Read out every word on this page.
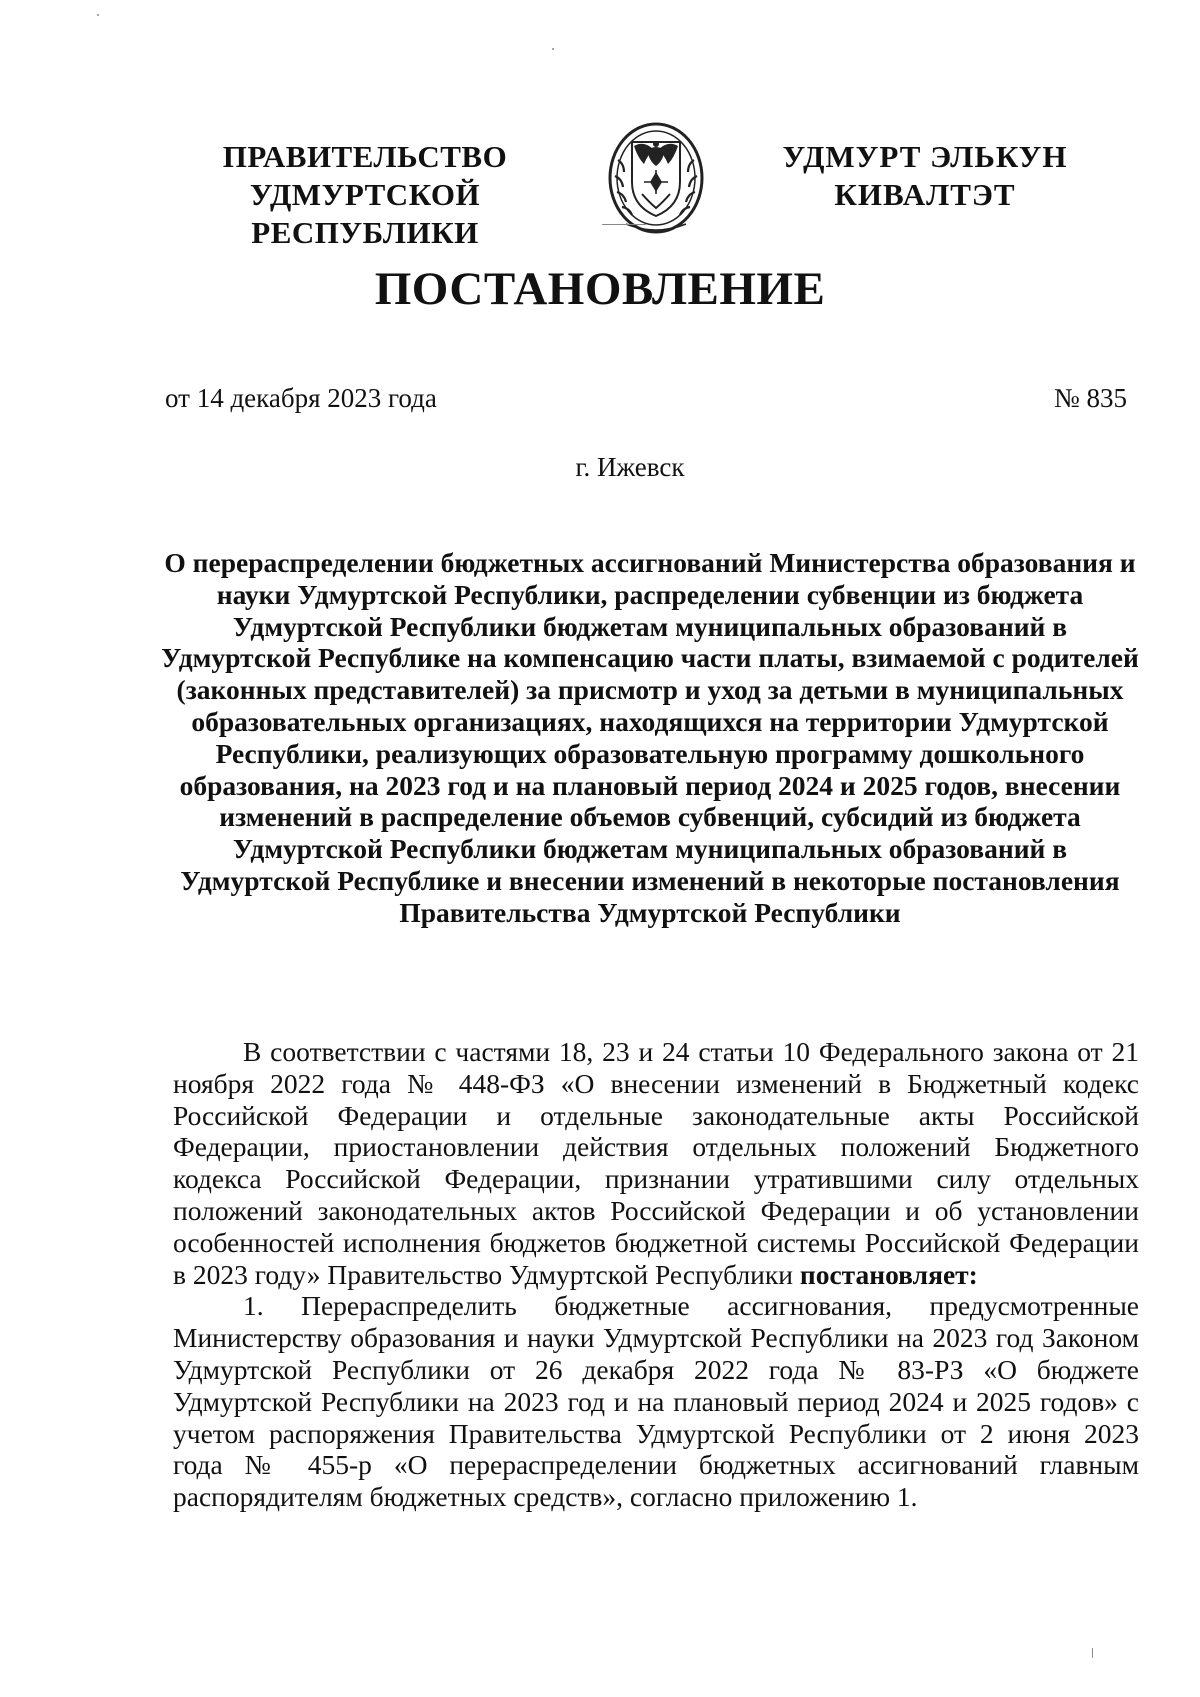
ПРАВИТЕЛЬСТВО
УДМУРТСКОЙ РЕСПУБЛИКИ
УДМУРТ ЭЛЬКУН
КИВАЛТЭТ
ПОСТАНОВЛЕНИЕ
от 14 декабря 2023 года	№ 835
г. Ижевск
О перераспределении бюджетных ассигнований Министерства образования и науки Удмуртской Республики, распределении субвенции из бюджета Удмуртской Республики бюджетам муниципальных образований в Удмуртской Республике на компенсацию части платы, взимаемой с родителей (законных представителей) за присмотр и уход за детьми в муниципальных образовательных организациях, находящихся на территории Удмуртской Республики, реализующих образовательную программу дошкольного образования, на 2023 год и на плановый период 2024 и 2025 годов, внесении изменений в распределение объемов субвенций, субсидий из бюджета Удмуртской Республики бюджетам муниципальных образований в Удмуртской Республике и внесении изменений в некоторые постановления Правительства Удмуртской Республики

В соответствии с частями 18, 23 и 24 статьи 10 Федерального закона от 21 ноября 2022 года № 448-ФЗ «О внесении изменений в Бюджетный кодекс Российской Федерации и отдельные законодательные акты Российской Федерации, приостановлении действия отдельных положений Бюджетного кодекса Российской Федерации, признании утратившими силу отдельных положений законодательных актов Российской Федерации и об установлении особенностей исполнения бюджетов бюджетной системы Российской Федерации в 2023 году» Правительство Удмуртской Республики постановляет:

1. Перераспределить бюджетные ассигнования, предусмотренные Министерству образования и науки Удмуртской Республики на 2023 год Законом Удмуртской Республики от 26 декабря 2022 года № 83-РЗ «О бюджете Удмуртской Республики на 2023 год и на плановый период 2024 и 2025 годов» с учетом распоряжения Правительства Удмуртской Республики от 2 июня 2023 года № 455-р «О перераспределении бюджетных ассигнований главным распорядителям бюджетных средств», согласно приложению 1.
